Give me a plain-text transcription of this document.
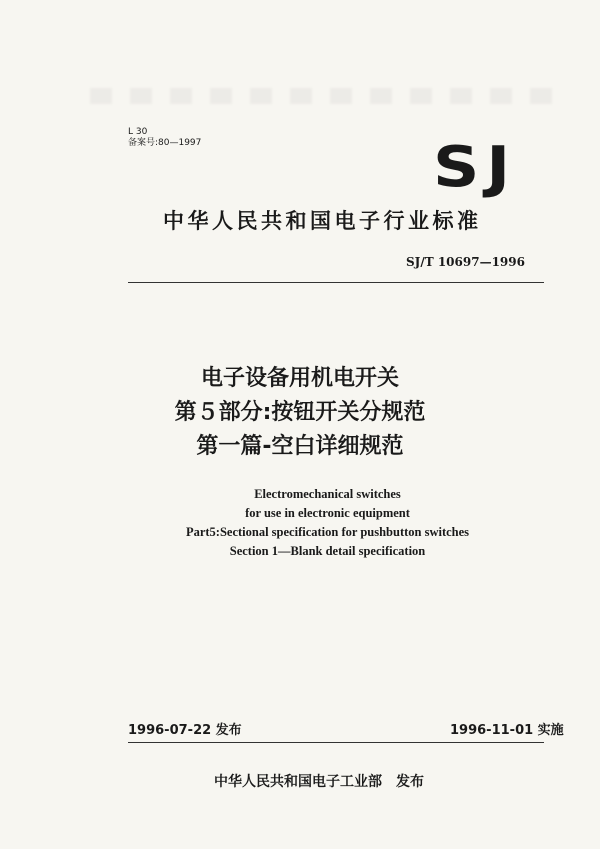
L 30
备案号:80—1997	SJ
中华人民共和国电子行业标准
SJ/T 10697—1996
电子设备用机电开关
第５部分:按钮开关分规范
第一篇-空白详细规范
Electromechanical switches
for use in electronic equipment
Part5:Sectional specification for pushbutton switches
Section 1—Blank detail specification
1996-07-22 发布	1996-11-01 实施
中华人民共和国电子工业部　发布
